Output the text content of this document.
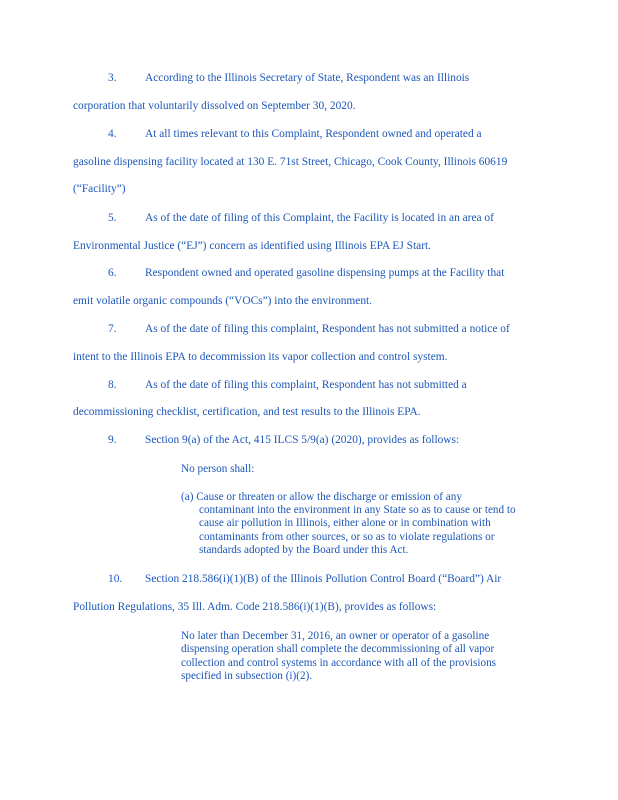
3. According to the Illinois Secretary of State, Respondent was an Illinois
corporation that voluntarily dissolved on September 30, 2020.
4. At all times relevant to this Complaint, Respondent owned and operated a
gasoline dispensing facility located at 130 E. 71st Street, Chicago, Cook County, Illinois 60619
(“Facility”)
5. As of the date of filing of this Complaint, the Facility is located in an area of
Environmental Justice (“EJ”) concern as identified using Illinois EPA EJ Start.
6. Respondent owned and operated gasoline dispensing pumps at the Facility that
emit volatile organic compounds (“VOCs”) into the environment.
7. As of the date of filing this complaint, Respondent has not submitted a notice of
intent to the Illinois EPA to decommission its vapor collection and control system.
8. As of the date of filing this complaint, Respondent has not submitted a
decommissioning checklist, certification, and test results to the Illinois EPA.
9. Section 9(a) of the Act, 415 ILCS 5/9(a) (2020), provides as follows:
No person shall:
(a) Cause or threaten or allow the discharge or emission of any
contaminant into the environment in any State so as to cause or tend to
cause air pollution in Illinois, either alone or in combination with
contaminants from other sources, or so as to violate regulations or
standards adopted by the Board under this Act.
10. Section 218.586(i)(1)(B) of the Illinois Pollution Control Board (“Board”) Air
Pollution Regulations, 35 Ill. Adm. Code 218.586(i)(1)(B), provides as follows:
No later than December 31, 2016, an owner or operator of a gasoline
dispensing operation shall complete the decommissioning of all vapor
collection and control systems in accordance with all of the provisions
specified in subsection (i)(2).
